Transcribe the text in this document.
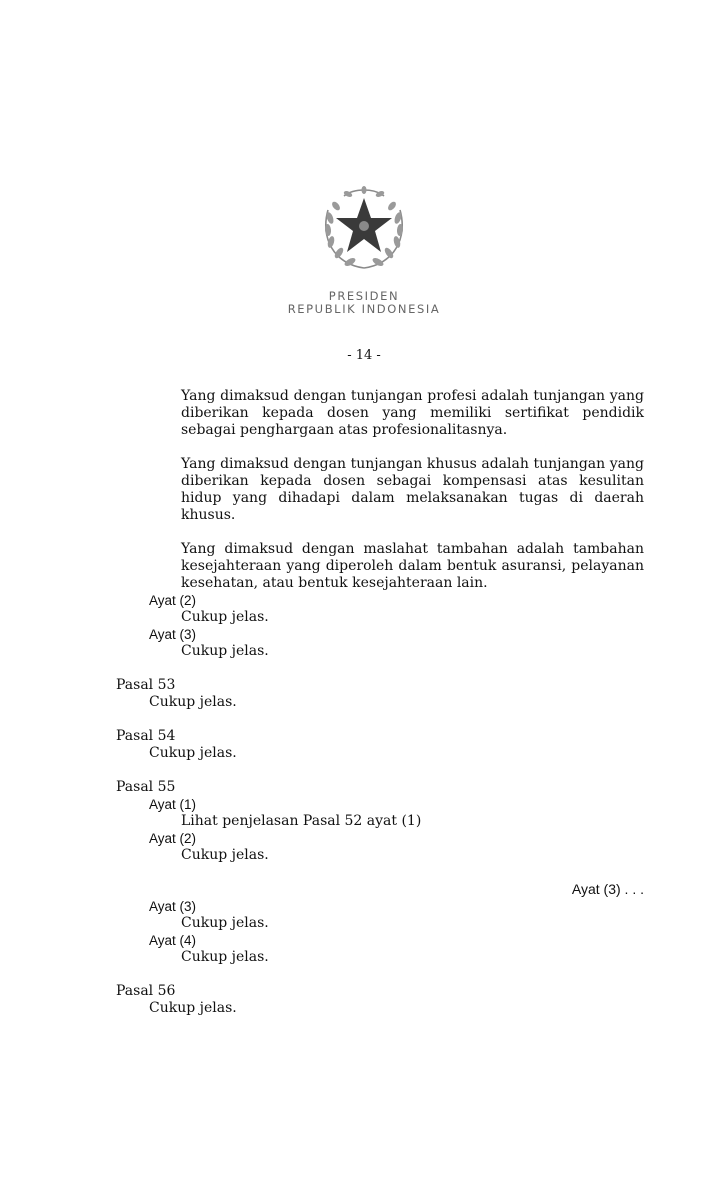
PRESIDEN
REPUBLIK INDONESIA
- 14 -
Yang dimaksud dengan tunjangan profesi adalah tunjangan yang diberikan kepada dosen yang memiliki sertifikat pendidik sebagai penghargaan atas profesionalitasnya.
Yang dimaksud dengan tunjangan khusus adalah tunjangan yang diberikan kepada dosen sebagai kompensasi atas kesulitan hidup yang dihadapi dalam melaksanakan tugas di daerah khusus.
Yang dimaksud dengan maslahat tambahan adalah tambahan kesejahteraan yang diperoleh dalam bentuk asuransi, pelayanan kesehatan, atau bentuk kesejahteraan lain.
Ayat (2)
Cukup jelas.
Ayat (3)
Cukup jelas.
Pasal 53
Cukup jelas.
Pasal 54
Cukup jelas.
Pasal 55
Ayat (1)
Lihat penjelasan Pasal 52 ayat (1)
Ayat (2)
Cukup jelas.
Ayat (3) . . .
Ayat (3)
Cukup jelas.
Ayat (4)
Cukup jelas.
Pasal 56
Cukup jelas.
